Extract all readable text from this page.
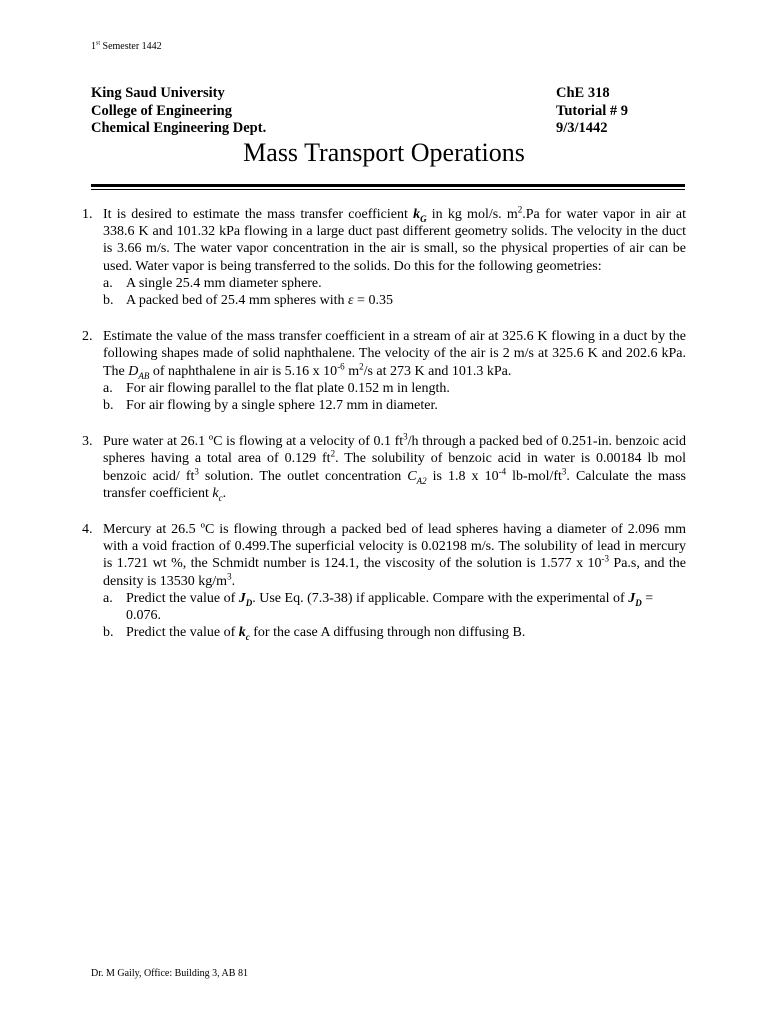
1st Semester 1442
King Saud University
College of Engineering
Chemical Engineering Dept.
ChE 318
Tutorial # 9
9/3/1442
Mass Transport Operations
1. It is desired to estimate the mass transfer coefficient $k_G$ in kg mol/s. $m^2.Pa$ for water vapor in air at 338.6 K and 101.32 kPa flowing in a large duct past different geometry solids. The velocity in the duct is 3.66 m/s. The water vapor concentration in the air is small, so the physical properties of air can be used. Water vapor is being transferred to the solids. Do this for the following geometries:
a. A single 25.4 mm diameter sphere.
b. A packed bed of 25.4 mm spheres with ε = 0.35
2. Estimate the value of the mass transfer coefficient in a stream of air at 325.6 K flowing in a duct by the following shapes made of solid naphthalene. The velocity of the air is 2 m/s at 325.6 K and 202.6 kPa. The $D_{AB}$ of naphthalene in air is 5.16 x $10^{-6}$ $m^2/s$ at 273 K and 101.3 kPa.
a. For air flowing parallel to the flat plate 0.152 m in length.
b. For air flowing by a single sphere 12.7 mm in diameter.
3. Pure water at 26.1 ºC is flowing at a velocity of 0.1 $ft^3/h$ through a packed bed of 0.251-in. benzoic acid spheres having a total area of 0.129 $ft^2$. The solubility of benzoic acid in water is 0.00184 lb mol benzoic acid/ $ft^3$ solution. The outlet concentration $C_{A2}$ is 1.8 x $10^{-4}$ $lb-mol/ft^3$. Calculate the mass transfer coefficient $k_c$.
4. Mercury at 26.5 ºC is flowing through a packed bed of lead spheres having a diameter of 2.096 mm with a void fraction of 0.499.The superficial velocity is 0.02198 m/s. The solubility of lead in mercury is 1.721 wt %, the Schmidt number is 124.1, the viscosity of the solution is 1.577 x $10^{-3}$ Pa.s, and the density is 13530 $kg/m^3$.
a. Predict the value of $J_D$. Use Eq. (7.3-38) if applicable. Compare with the experimental of $J_D = 0.076$.
b. Predict the value of $k_c$ for the case A diffusing through non diffusing B.
Dr. M Gaily, Office: Building 3, AB 81
